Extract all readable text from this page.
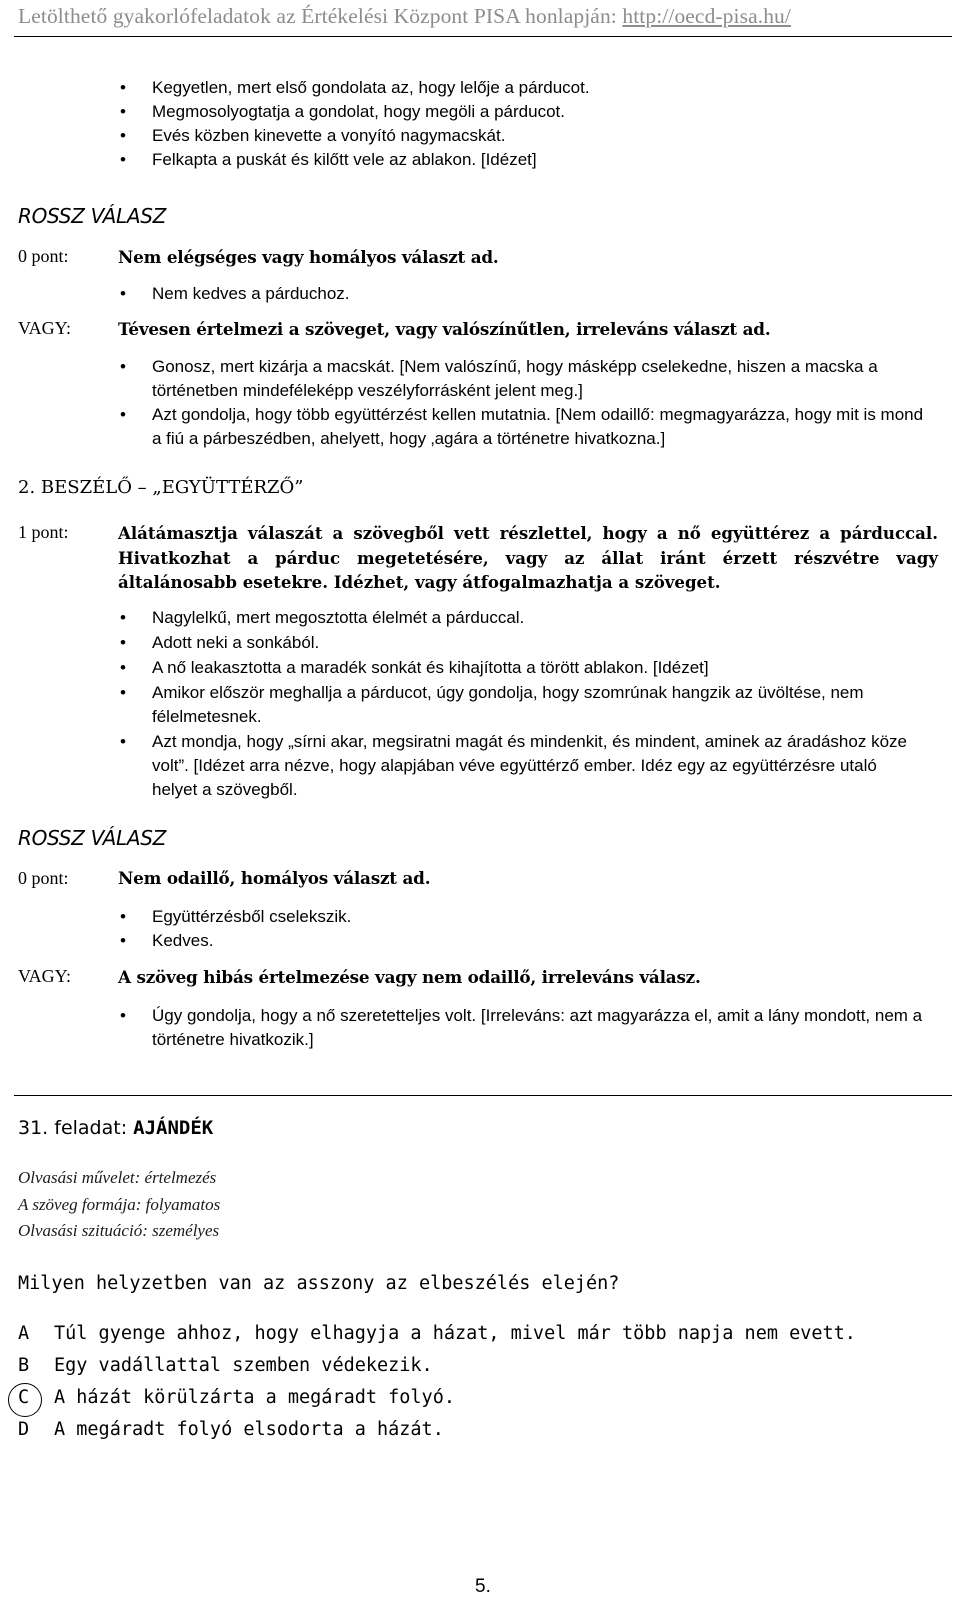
Letölthető gyakorlófeladatok az Értékelési Központ PISA honlapján: http://oecd-pisa.hu/
• Kegyetlen, mert első gondolata az, hogy lelője a párducot.
• Megmosolyogtatja a gondolat, hogy megöli a párducot.
• Evés közben kinevette a vonyító nagymacskát.
• Felkapta a puskát és kilőtt vele az ablakon. [Idézet]
ROSSZ VÁLASZ
0 pont:	Nem elégséges vagy homályos választ ad.
• Nem kedves a párduchoz.
VAGY:	Tévesen értelmezi a szöveget, vagy valószínűtlen, irreleváns választ ad.
• Gonosz, mert kizárja a macskát. [Nem valószínű, hogy másképp cselekedne, hiszen a macska a történetben mindeféleképp veszélyforrásként jelent meg.]
• Azt gondolja, hogy több együttérzést kellen mutatnia. [Nem odaillő: megmagyarázza, hogy mit is mond a fiú a párbeszédben, ahelyett, hogy ‚agára a történetre hivatkozna.]
2. BESZÉLŐ – „EGYÜTTÉRZŐ”
1 pont:	Alátámasztja válaszát a szövegből vett részlettel, hogy a nő együttérez a párduccal. Hivatkozhat a párduc megetetésére, vagy az állat iránt érzett részvétre vagy általánosabb esetekre. Idézhet, vagy átfogalmazhatja a szöveget.
• Nagylelkű, mert megosztotta élelmét a párduccal.
• Adott neki a sonkából.
• A nő leakasztotta a maradék sonkát és kihajította a törött ablakon. [Idézet]
• Amikor először meghallja a párducot, úgy gondolja, hogy szomrúnak hangzik az üvöltése, nem félelmetesnek.
• Azt mondja, hogy „sírni akar, megsiratni magát és mindenkit, és mindent, aminek az áradáshoz köze volt”. [Idézet arra nézve, hogy alapjában véve együttérző ember. Idéz egy az együttérzésre utaló helyet a szövegből.
ROSSZ VÁLASZ
0 pont:	Nem odaillő, homályos választ ad.
• Együttérzésből cselekszik.
• Kedves.
VAGY:	A szöveg hibás értelmezése vagy nem odaillő, irreleváns válasz.
• Úgy gondolja, hogy a nő szeretetteljes volt. [Irreleváns: azt magyarázza el, amit a lány mondott, nem a történetre hivatkozik.]
31. feladat: AJÁNDÉK
Olvasási művelet: értelmezés
A szöveg formája: folyamatos
Olvasási szituáció: személyes
Milyen helyzetben van az asszony az elbeszélés elején?
A Túl gyenge ahhoz, hogy elhagyja a házat, mivel már több napja nem evett.
B Egy vadállattal szemben védekezik.
C A házát körülzárta a megáradt folyó.
D A megáradt folyó elsodorta a házát.
5.
